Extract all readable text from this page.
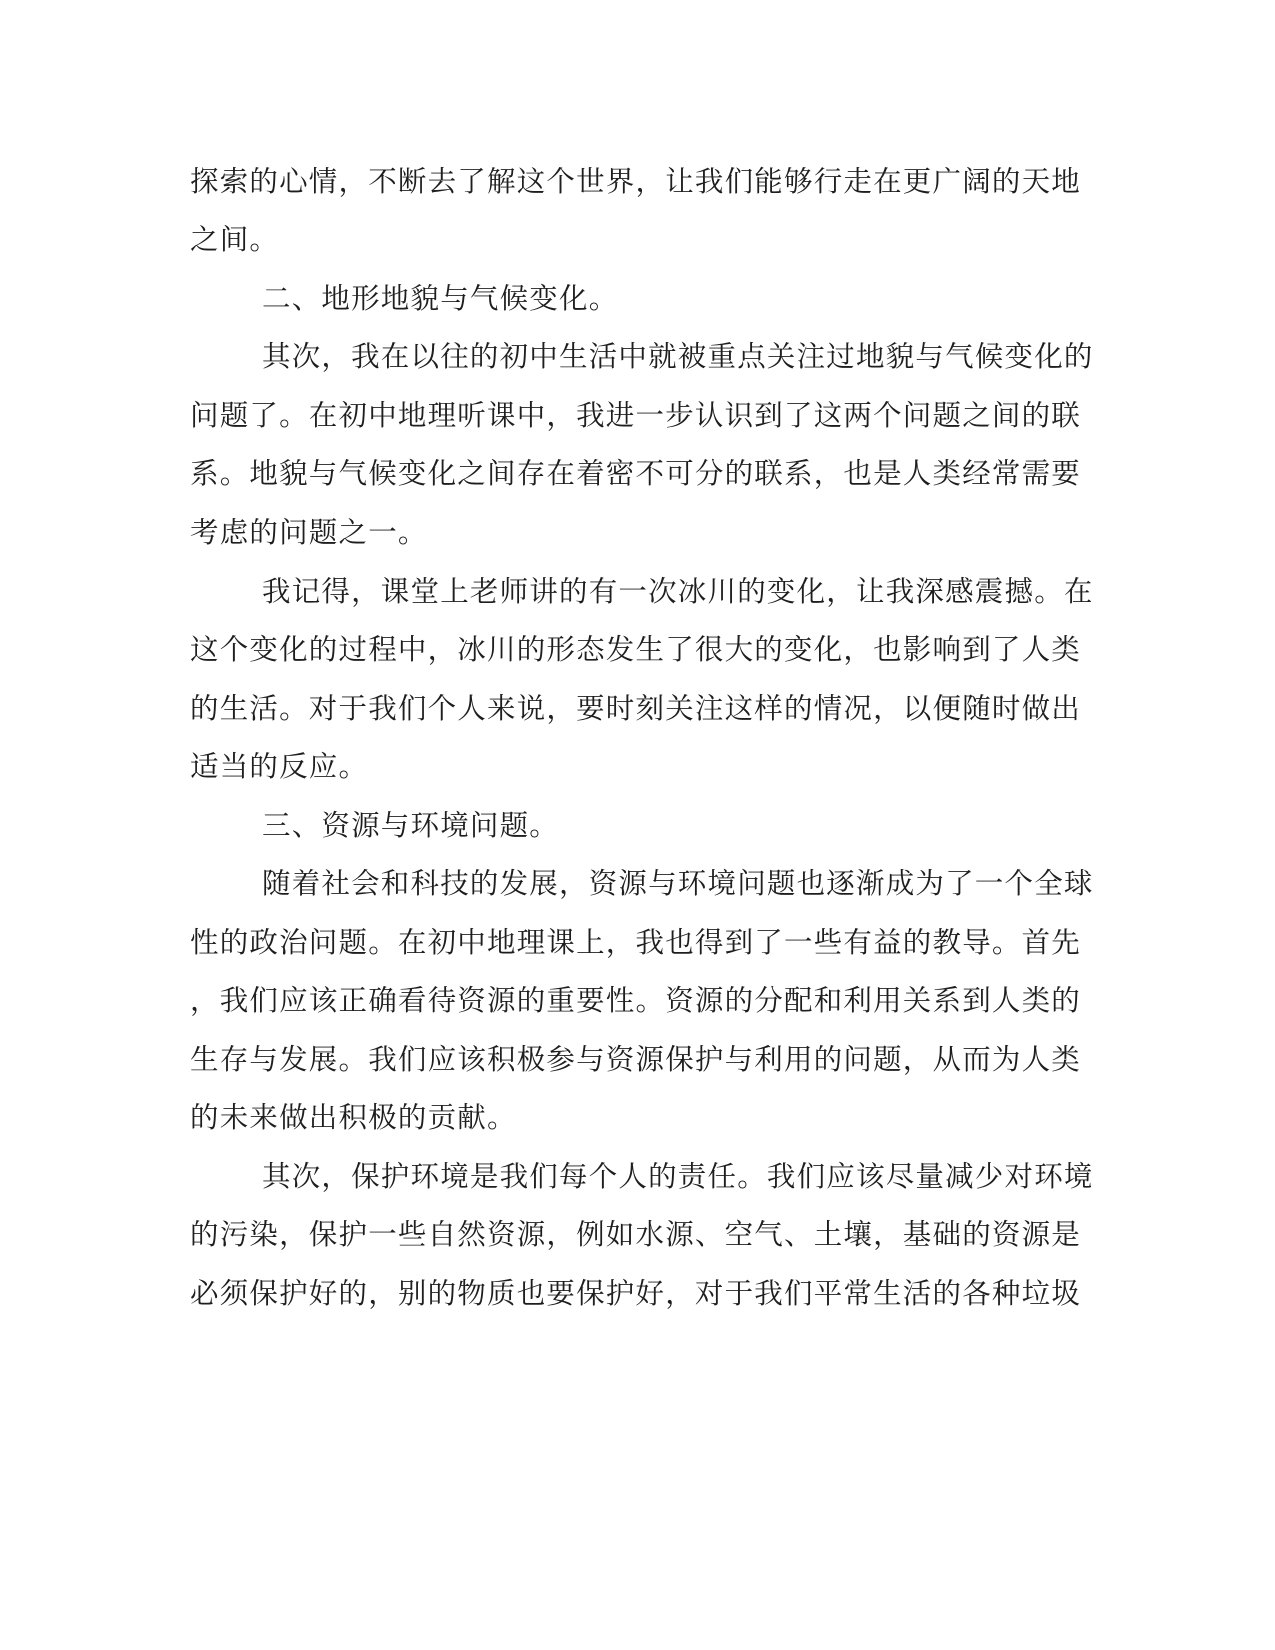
探索的心情，不断去了解这个世界，让我们能够行走在更广阔的天地
之间。
二、地形地貌与气候变化。
其次，我在以往的初中生活中就被重点关注过地貌与气候变化的
问题了。在初中地理听课中，我进一步认识到了这两个问题之间的联
系。地貌与气候变化之间存在着密不可分的联系，也是人类经常需要
考虑的问题之一。
我记得，课堂上老师讲的有一次冰川的变化，让我深感震撼。在
这个变化的过程中，冰川的形态发生了很大的变化，也影响到了人类
的生活。对于我们个人来说，要时刻关注这样的情况，以便随时做出
适当的反应。
三、资源与环境问题。
随着社会和科技的发展，资源与环境问题也逐渐成为了一个全球
性的政治问题。在初中地理课上，我也得到了一些有益的教导。首先
，我们应该正确看待资源的重要性。资源的分配和利用关系到人类的
生存与发展。我们应该积极参与资源保护与利用的问题，从而为人类
的未来做出积极的贡献。
其次，保护环境是我们每个人的责任。我们应该尽量减少对环境
的污染，保护一些自然资源，例如水源、空气、土壤，基础的资源是
必须保护好的，别的物质也要保护好，对于我们平常生活的各种垃圾
